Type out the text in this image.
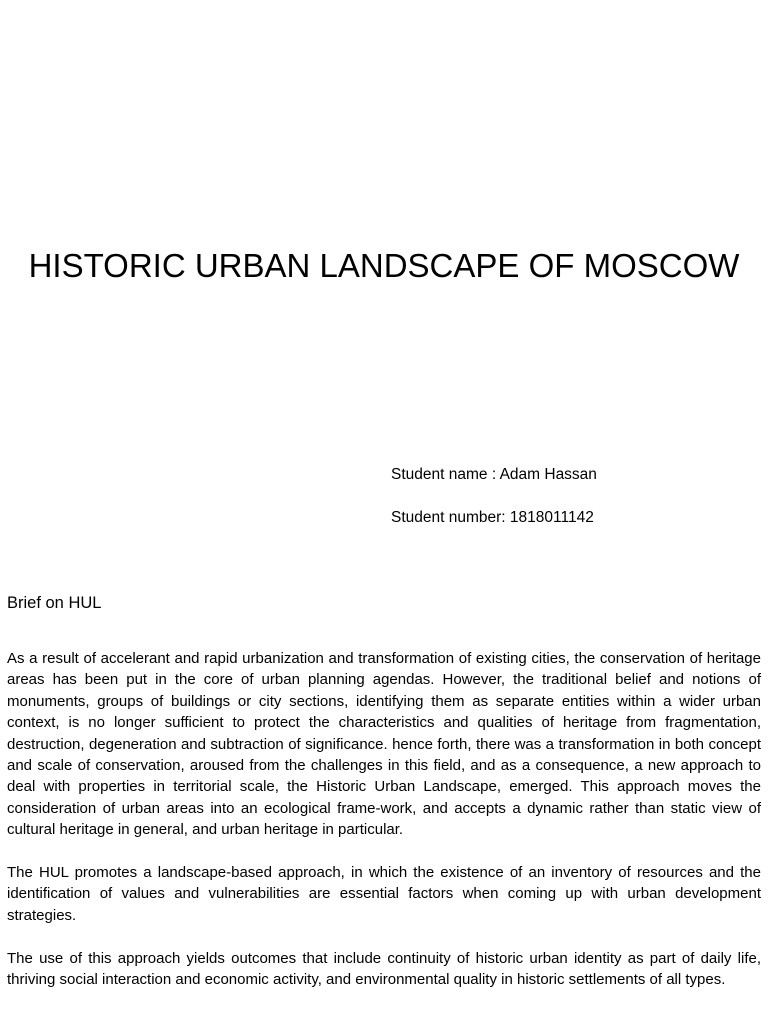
HISTORIC URBAN LANDSCAPE OF MOSCOW
Student name : Adam Hassan
Student number: 1818011142
Brief on HUL

As a result of accelerant and rapid urbanization and transformation of existing cities, the conservation of heritage areas has been put in the core of urban planning agendas. However, the traditional belief and notions of monuments, groups of buildings or city sections, identifying them as separate entities within a wider urban context, is no longer sufficient to protect the characteristics and qualities of heritage from fragmentation, destruction, degeneration and subtraction of significance. hence forth, there was a transformation in both concept and scale of conservation, aroused from the challenges in this field, and as a consequence, a new approach to deal with properties in territorial scale, the Historic Urban Landscape, emerged. This approach moves the consideration of urban areas into an ecological frame-work, and accepts a dynamic rather than static view of cultural heritage in general, and urban heritage in particular.

The HUL promotes a landscape-based approach, in which the existence of an inventory of resources and the identification of values and vulnerabilities are essential factors when coming up with urban development strategies.

The use of this approach yields outcomes that include continuity of historic urban identity as part of daily life, thriving social interaction and economic activity, and environmental quality in historic settlements of all types.
